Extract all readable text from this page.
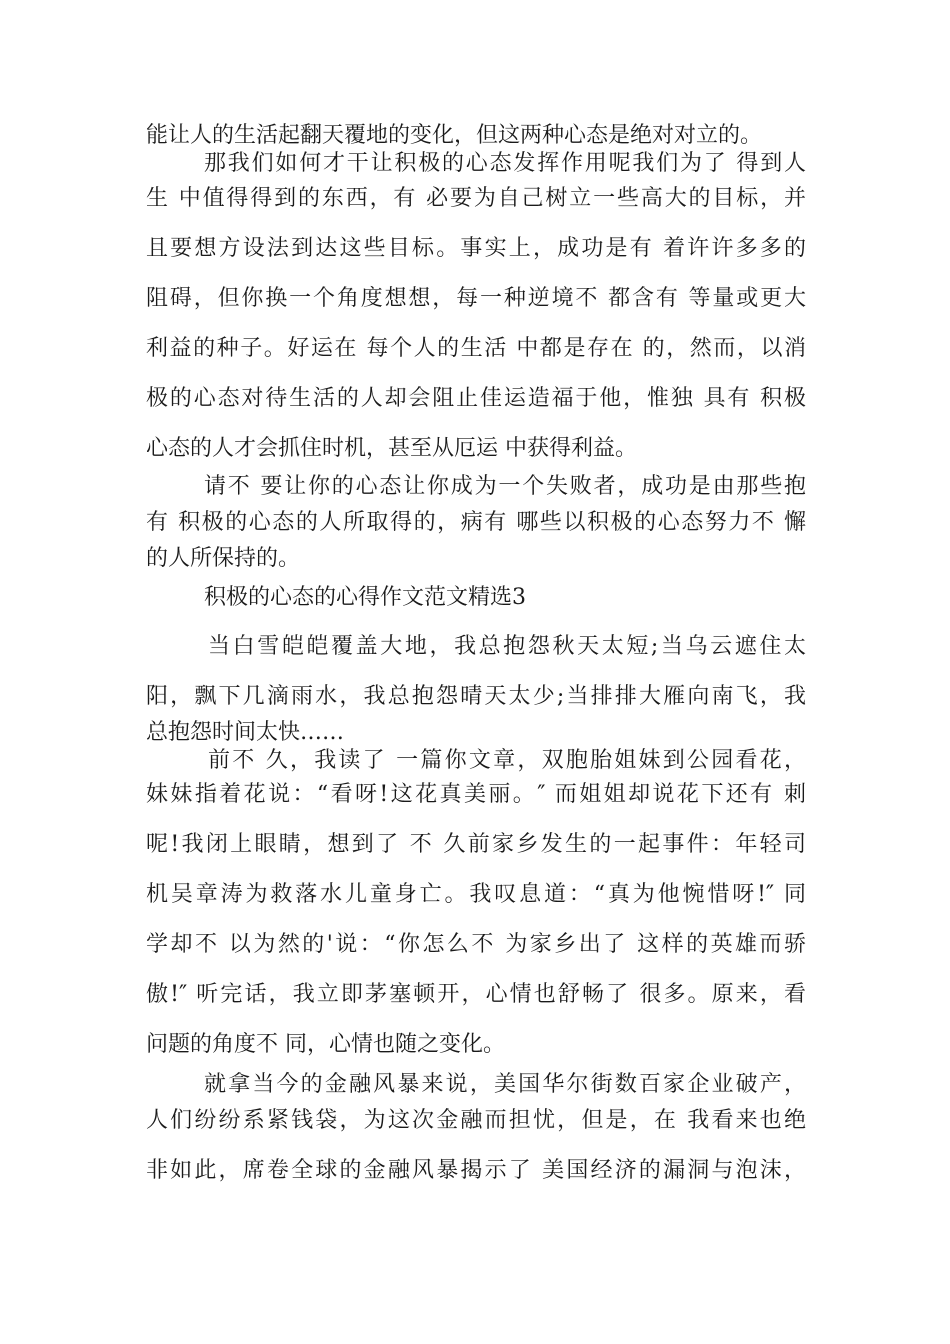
能让人的生活起翻天覆地的变化，但这两种心态是绝对对立的。
那我们如何才干让积极的心态发挥作用呢我们为了 得到人
生 中值得得到的东西，有 必要为自己树立一些高大的目标，并
且要想方设法到达这些目标。事实上，成功是有 着许许多多的
阻碍，但你换一个角度想想，每一种逆境不 都含有 等量或更大
利益的种子。好运在 每个人的生活 中都是存在 的，然而，以消
极的心态对待生活的人却会阻止佳运造福于他，惟独 具有 积极
心态的人才会抓住时机，甚至从厄运 中获得利益。
请不 要让你的心态让你成为一个失败者，成功是由那些抱
有 积极的心态的人所取得的，病有 哪些以积极的心态努力不 懈
的人所保持的。
积极的心态的心得作文范文精选3
当白雪皑皑覆盖大地，我总抱怨秋天太短;当乌云遮住太
阳，飘下几滴雨水，我总抱怨晴天太少;当排排大雁向南飞，我
总抱怨时间太快……
前不 久，我读了 一篇你文章，双胞胎姐妹到公园看花，
妹妹指着花说：“看呀!这花真美丽。″ 而姐姐却说花下还有 刺
呢!我闭上眼睛，想到了 不 久前家乡发生的一起事件：年轻司
机吴章涛为救落水儿童身亡。我叹息道：“真为他惋惜呀!″ 同
学却不 以为然的'说：“你怎么不 为家乡出了 这样的英雄而骄
傲!″ 听完话，我立即茅塞顿开，心情也舒畅了 很多。原来，看
问题的角度不 同，心情也随之变化。
就拿当今的金融风暴来说，美国华尔街数百家企业破产，
人们纷纷系紧钱袋，为这次金融而担忧，但是，在 我看来也绝
非如此，席卷全球的金融风暴揭示了 美国经济的漏洞与泡沫，
